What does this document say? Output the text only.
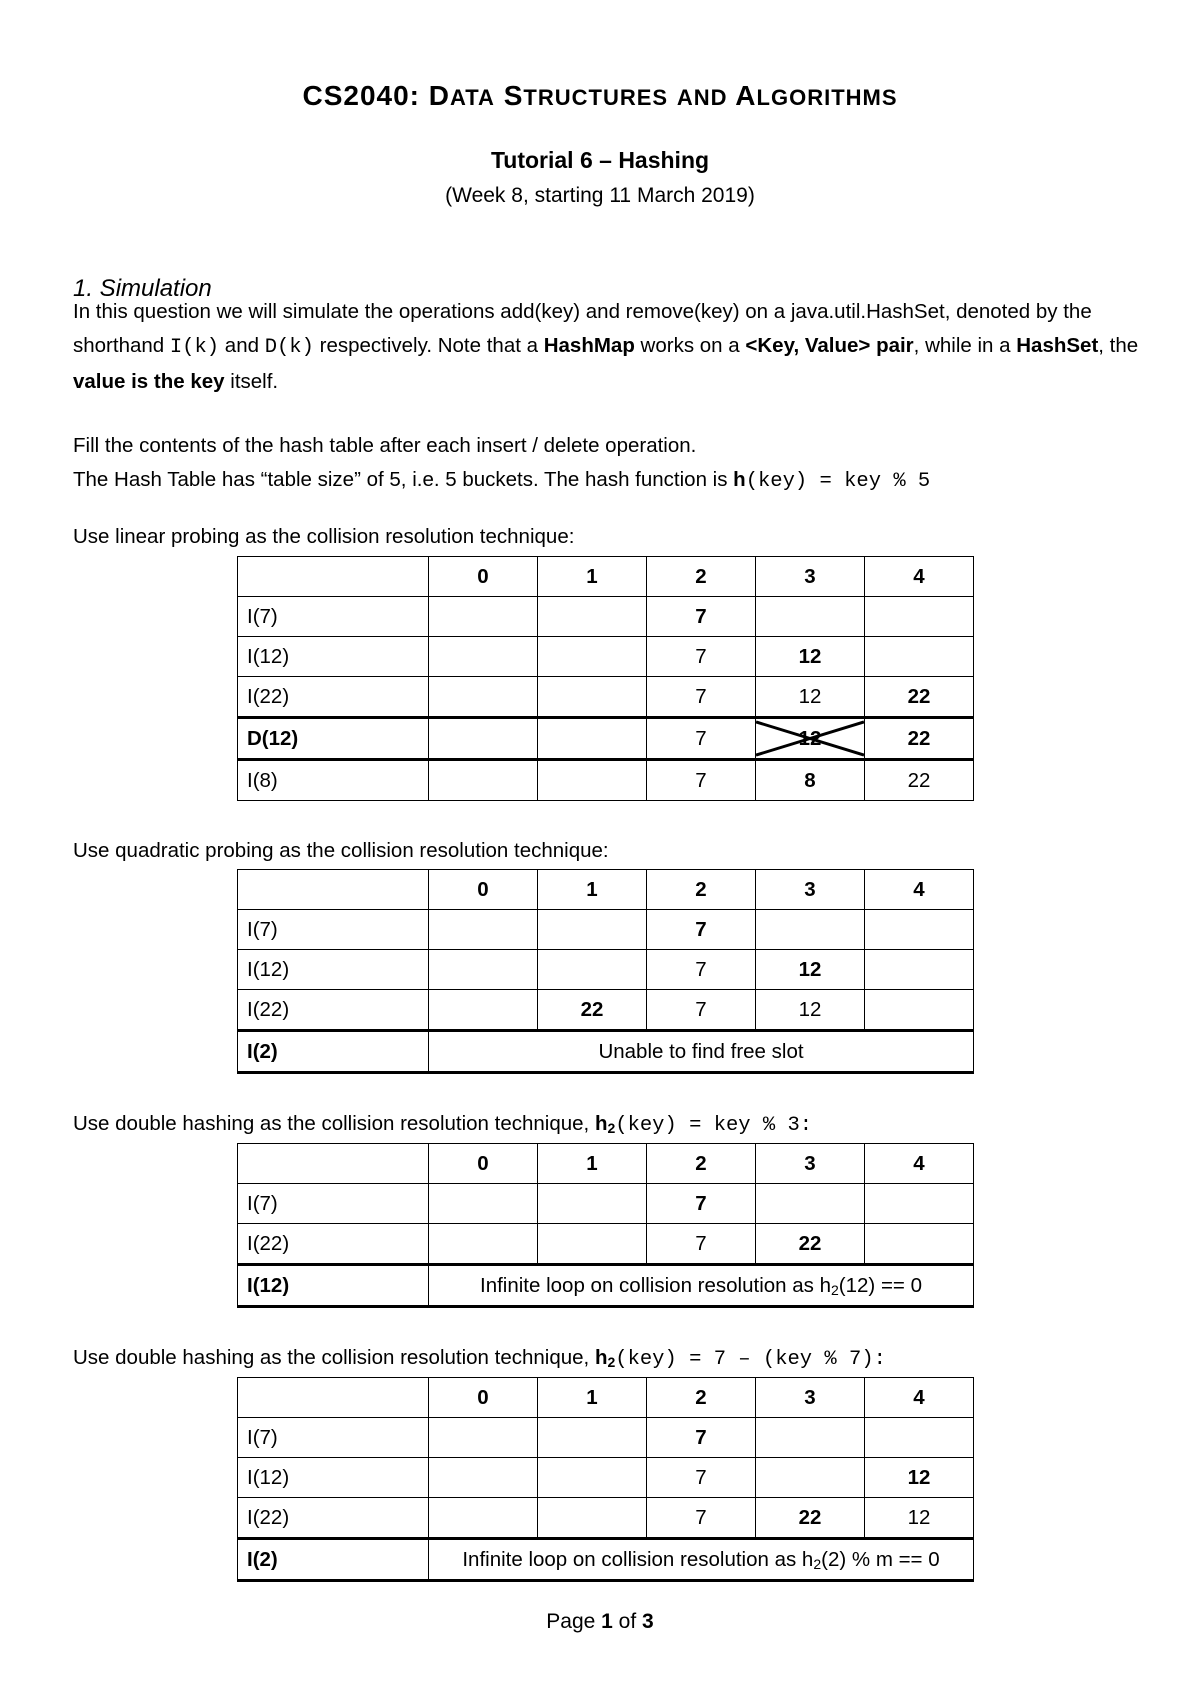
CS2040: DATA STRUCTURES AND ALGORITHMS
Tutorial 6 – Hashing
(Week 8, starting 11 March 2019)
1. Simulation
In this question we will simulate the operations add(key) and remove(key) on a java.util.HashSet, denoted by the shorthand I(k) and D(k) respectively. Note that a HashMap works on a <Key, Value> pair, while in a HashSet, the value is the key itself.
Fill the contents of the hash table after each insert / delete operation.
The Hash Table has “table size” of 5, i.e. 5 buckets. The hash function is h(key) = key % 5
Use linear probing as the collision resolution technique:
	0	1	2	3	4
I(7)			7		
I(12)			7	12	
I(22)			7	12	22
D(12)			7	12	22
I(8)			7	8	22
Use quadratic probing as the collision resolution technique:
	0	1	2	3	4
I(7)			7		
I(12)			7	12	
I(22)		22	7	12	
I(2)	Unable to find free slot				
Use double hashing as the collision resolution technique, h2(key) = key % 3:
	0	1	2	3	4
I(7)			7		
I(22)			7	22	
I(12)	Infinite loop on collision resolution as h2(12) == 0				
Use double hashing as the collision resolution technique, h2(key) = 7 – (key % 7):
	0	1	2	3	4
I(7)			7		
I(12)			7		12
I(22)			7	22	12
I(2)	Infinite loop on collision resolution as h2(2) % m == 0				
Page 1 of 3
